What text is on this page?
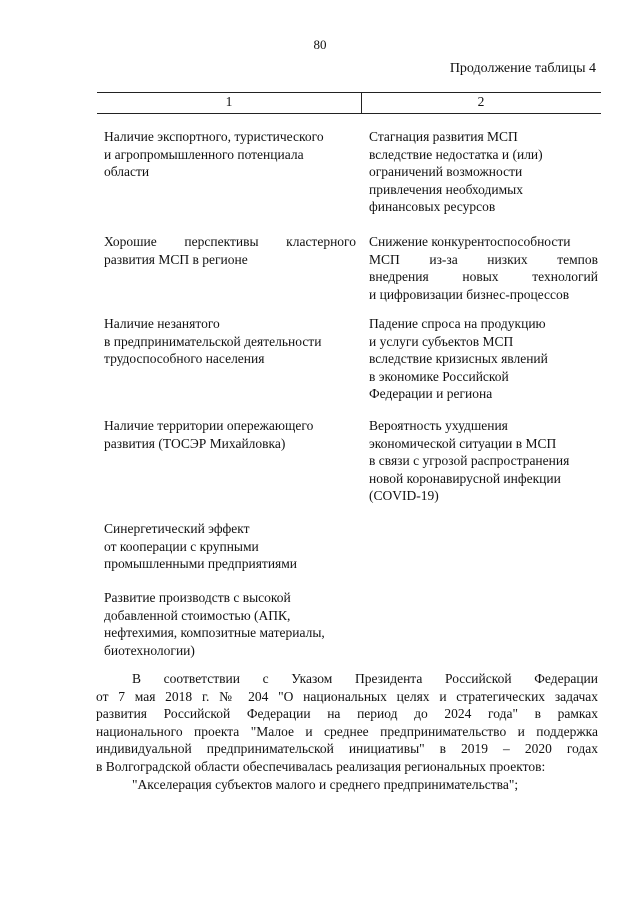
80
Продолжение таблицы 4
1	2
Наличие экспортного, туристического
и агропромышленного потенциала
области
Стагнация развития МСП
вследствие недостатка и (или)
ограничений возможности
привлечения необходимых
финансовых ресурсов
Хорошие перспективы кластерного
развития МСП в регионе
Снижение конкурентоспособности
МСП из-за низких темпов
внедрения новых технологий
и цифровизации бизнес-процессов
Наличие незанятого
в предпринимательской деятельности
трудоспособного населения
Падение спроса на продукцию
и услуги субъектов МСП
вследствие кризисных явлений
в экономике Российской
Федерации и региона
Наличие территории опережающего
развития (ТОСЭР Михайловка)
Вероятность ухудшения
экономической ситуации в МСП
в связи с угрозой распространения
новой коронавирусной инфекции
(COVID-19)
Синергетический эффект
от кооперации с крупными
промышленными предприятиями
Развитие производств с высокой
добавленной стоимостью (АПК,
нефтехимия, композитные материалы,
биотехнологии)
В соответствии с Указом Президента Российской Федерации
от 7 мая 2018 г. № 204 "О национальных целях и стратегических задачах
развития Российской Федерации на период до 2024 года" в рамках
национального проекта "Малое и среднее предпринимательство и поддержка
индивидуальной предпринимательской инициативы" в 2019 – 2020 годах
в Волгоградской области обеспечивалась реализация региональных проектов:
"Акселерация субъектов малого и среднего предпринимательства";
